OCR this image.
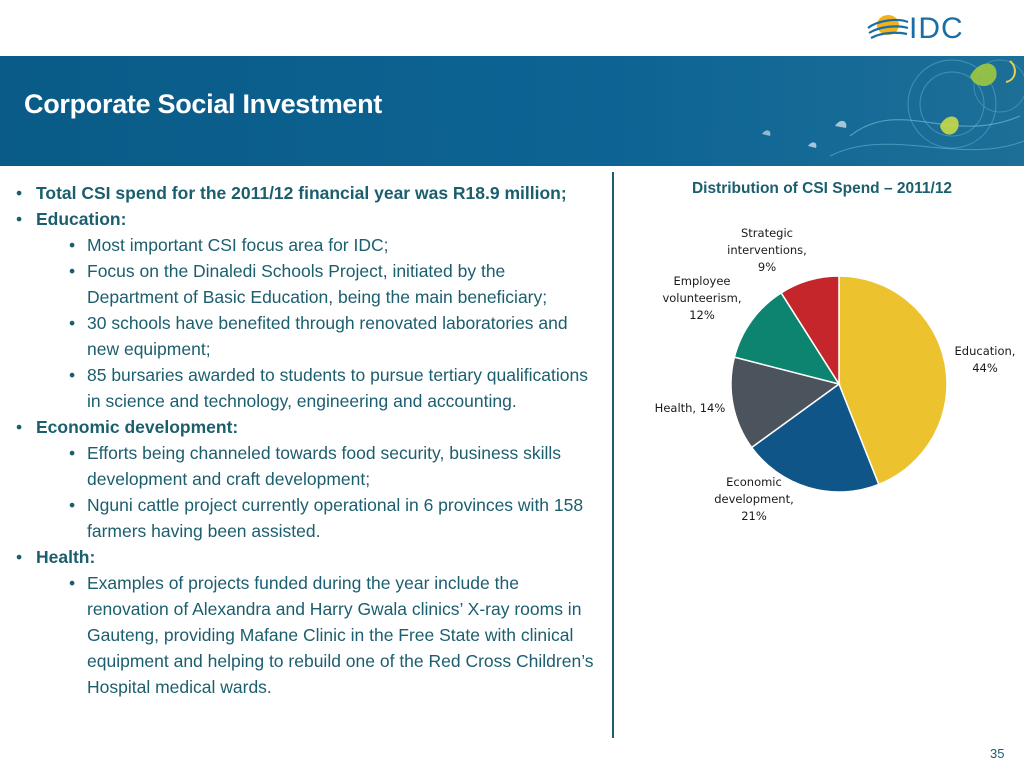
IDC
Corporate Social Investment
• Total CSI spend for the 2011/12 financial year was R18.9 million;
• Education:
• Most important CSI focus area for IDC;
• Focus on the Dinaledi Schools Project, initiated by the Department of Basic Education, being the main beneficiary;
• 30 schools have benefited through renovated laboratories and new equipment;
• 85 bursaries awarded to students to pursue tertiary qualifications in science and technology, engineering and accounting.
• Economic development:
• Efforts being channeled towards food security, business skills development and craft development;
• Nguni cattle project currently operational in 6 provinces with 158 farmers having been assisted.
• Health:
• Examples of projects funded during the year include the renovation of Alexandra and Harry Gwala clinics’ X-ray rooms in Gauteng, providing Mafane Clinic in the Free State with clinical equipment and helping to rebuild one of the Red Cross Children’s Hospital medical wards.
Distribution of CSI Spend – 2011/12
Strategic interventions, 9%
Employee volunteerism, 12%
Education, 44%
Health, 14%
Economic development, 21%
35
